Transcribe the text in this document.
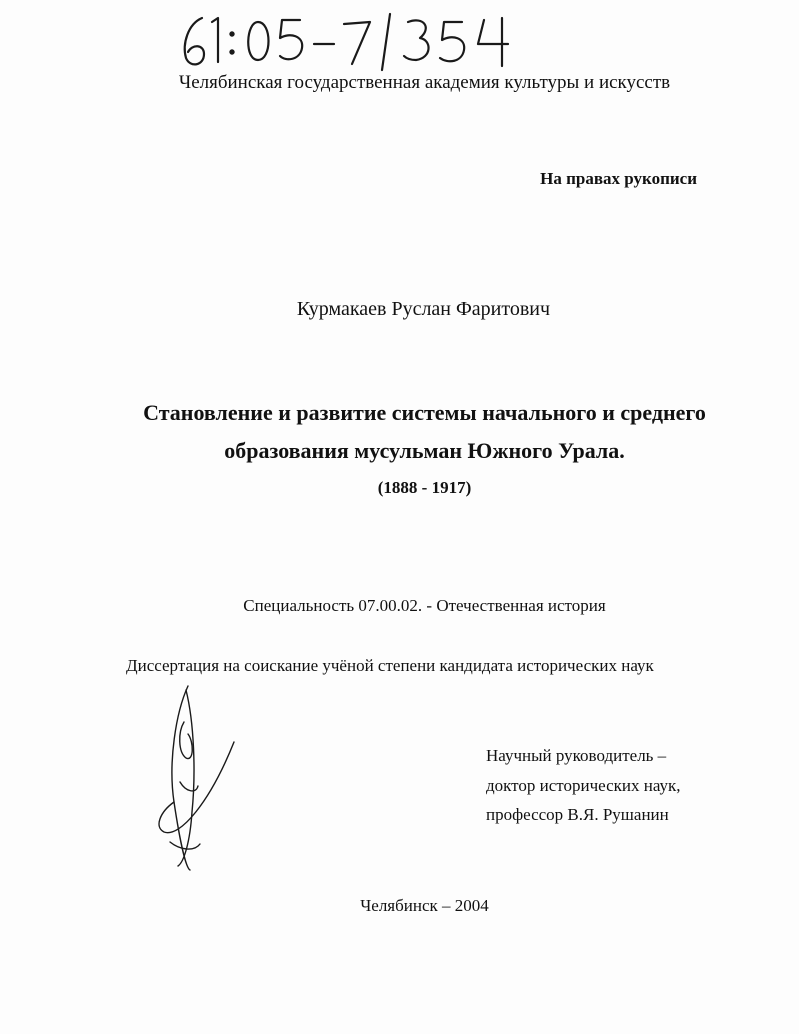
Челябинская государственная академия культуры и искусств
На правах рукописи
Курмакаев Руслан Фаритович
Становление и развитие системы начального и среднего
образования мусульман Южного Урала.
(1888 - 1917)
Специальность 07.00.02. - Отечественная история
Диссертация на соискание учёной степени кандидата исторических наук
Научный руководитель –
доктор исторических наук,
профессор В.Я. Рушанин
Челябинск – 2004
